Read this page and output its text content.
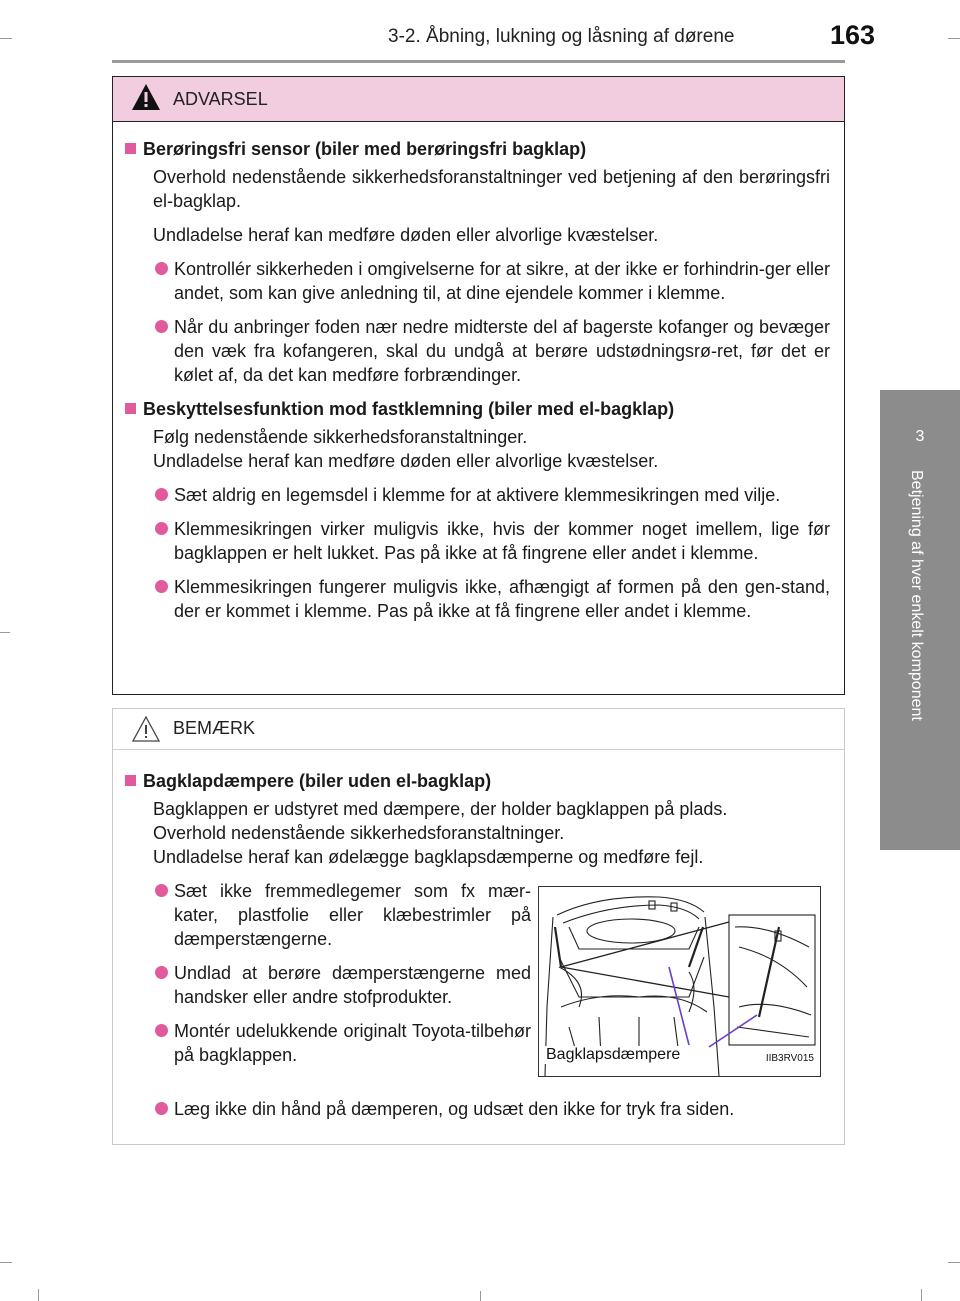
3-2. Åbning, lukning og låsning af dørene	163
3
Betjening af hver enkelt komponent
ADVARSEL
Berøringsfri sensor (biler med berøringsfri bagklap)
Overhold nedenstående sikkerhedsforanstaltninger ved betjening af den berøringsfri el-bagklap.
Undladelse heraf kan medføre døden eller alvorlige kvæstelser.
Kontrollér sikkerheden i omgivelserne for at sikre, at der ikke er forhindrin-ger eller andet, som kan give anledning til, at dine ejendele kommer i klemme.
Når du anbringer foden nær nedre midterste del af bagerste kofanger og bevæger den væk fra kofangeren, skal du undgå at berøre udstødningsrø-ret, før det er kølet af, da det kan medføre forbrændinger.
Beskyttelsesfunktion mod fastklemning (biler med el-bagklap)
Følg nedenstående sikkerhedsforanstaltninger.
Undladelse heraf kan medføre døden eller alvorlige kvæstelser.
Sæt aldrig en legemsdel i klemme for at aktivere klemmesikringen med vilje.
Klemmesikringen virker muligvis ikke, hvis der kommer noget imellem, lige før bagklappen er helt lukket. Pas på ikke at få fingrene eller andet i klemme.
Klemmesikringen fungerer muligvis ikke, afhængigt af formen på den gen-stand, der er kommet i klemme. Pas på ikke at få fingrene eller andet i klemme.
BEMÆRK
Bagklapdæmpere (biler uden el-bagklap)
Bagklappen er udstyret med dæmpere, der holder bagklappen på plads.
Overhold nedenstående sikkerhedsforanstaltninger.
Undladelse heraf kan ødelægge bagklapsdæmperne og medføre fejl.
Sæt ikke fremmedlegemer som fx mær-kater, plastfolie eller klæbestrimler på dæmperstængerne.
Undlad at berøre dæmperstængerne med handsker eller andre stofprodukter.
Montér udelukkende originalt Toyota-tilbehør på bagklappen.	Bagklapsdæmpere	IIB3RV015
Læg ikke din hånd på dæmperen, og udsæt den ikke for tryk fra siden.
